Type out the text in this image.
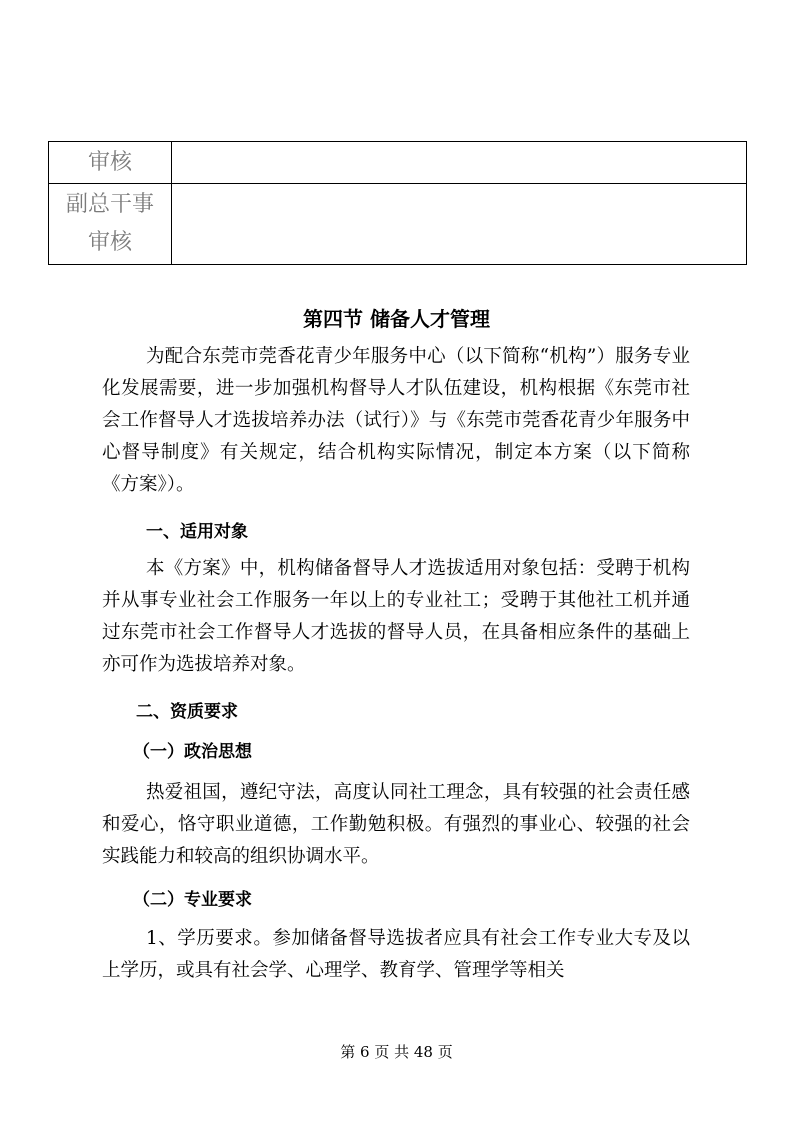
审核	

副总干事
审核	

第四节 储备人才管理
为配合东莞市莞香花青少年服务中心（以下简称“机构”）服务专业化发展需要，进一步加强机构督导人才队伍建设，机构根据《东莞市社会工作督导人才选拔培养办法（试行）》与《东莞市莞香花青少年服务中心督导制度》有关规定，结合机构实际情况，制定本方案（以下简称《方案》）。
一、适用对象
本《方案》中，机构储备督导人才选拔适用对象包括：受聘于机构并从事专业社会工作服务一年以上的专业社工；受聘于其他社工机并通过东莞市社会工作督导人才选拔的督导人员，在具备相应条件的基础上亦可作为选拔培养对象。
二、资质要求
（一）政治思想
热爱祖国，遵纪守法，高度认同社工理念，具有较强的社会责任感和爱心，恪守职业道德，工作勤勉积极。有强烈的事业心、较强的社会实践能力和较高的组织协调水平。
（二）专业要求
1、学历要求。参加储备督导选拔者应具有社会工作专业大专及以上学历，或具有社会学、心理学、教育学、管理学等相关
第 6 页 共 48 页
